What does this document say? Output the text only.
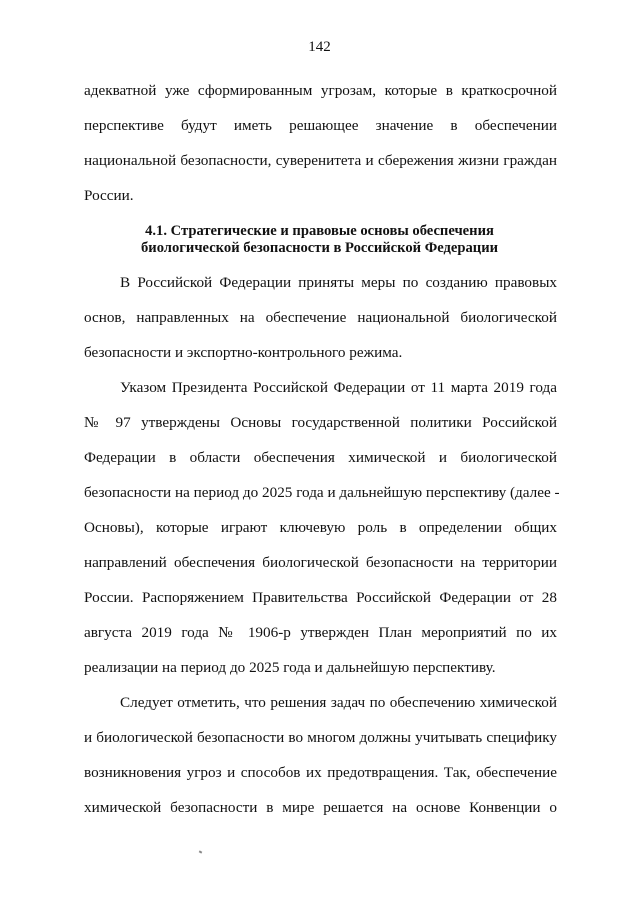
142
адекватной уже сформированным угрозам, которые в краткосрочной
перспективе будут иметь решающее значение в обеспечении
национальной безопасности, суверенитета и сбережения жизни граждан
России.
4.1. Стратегические и правовые основы обеспечения
биологической безопасности в Российской Федерации
В Российской Федерации приняты меры по созданию правовых
основ, направленных на обеспечение национальной биологической
безопасности и экспортно-контрольного режима.
Указом Президента Российской Федерации от 11 марта 2019 года
№ 97 утверждены Основы государственной политики Российской
Федерации в области обеспечения химической и биологической
безопасности на период до 2025 года и дальнейшую перспективу (далее -
Основы), которые играют ключевую роль в определении общих
направлений обеспечения биологической безопасности на территории
России. Распоряжением Правительства Российской Федерации от 28
августа 2019 года № 1906-р утвержден План мероприятий по их
реализации на период до 2025 года и дальнейшую перспективу.
Следует отметить, что решения задач по обеспечению химической
и биологической безопасности во многом должны учитывать специфику
возникновения угроз и способов их предотвращения. Так, обеспечение
химической безопасности в мире решается на основе Конвенции о
